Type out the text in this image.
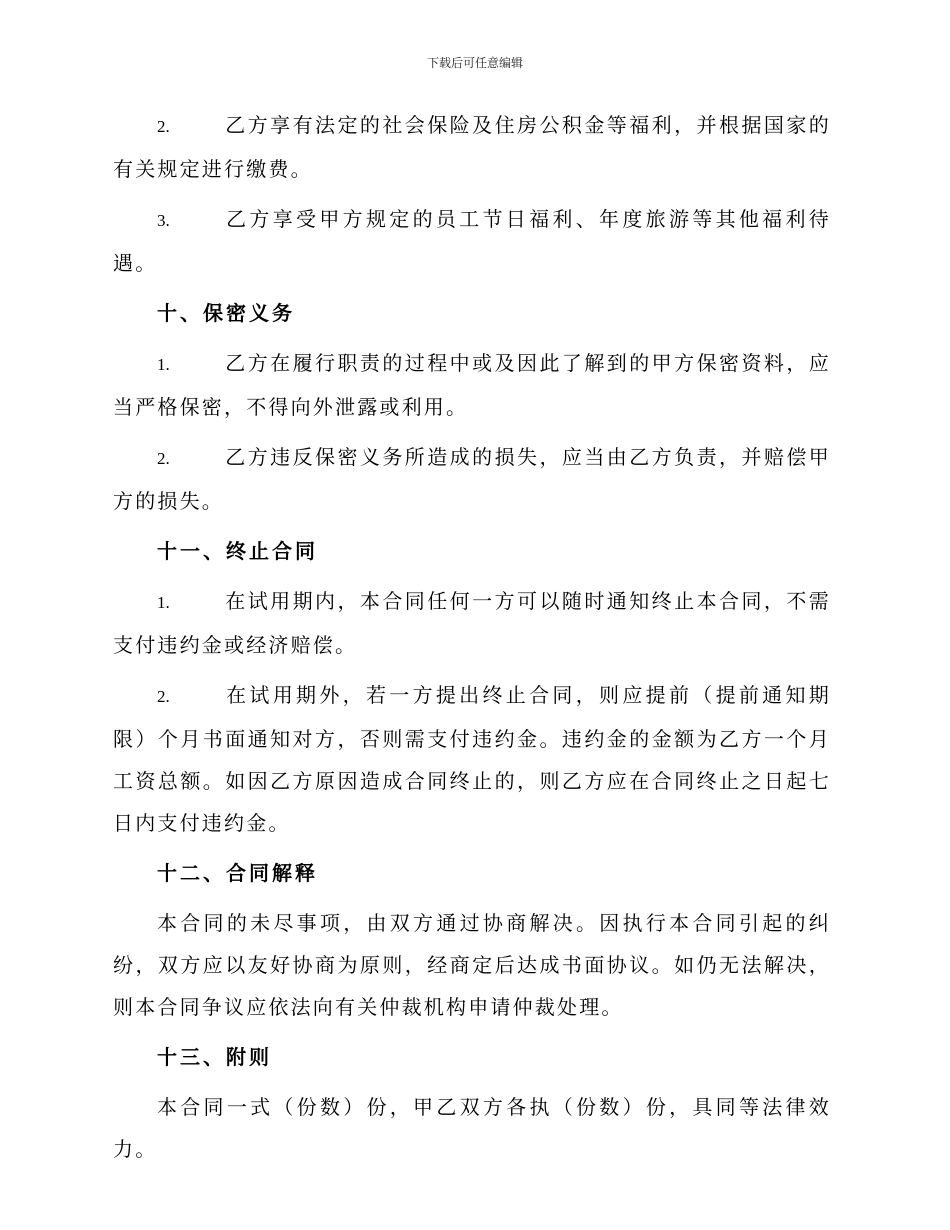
下载后可任意编辑

2.	乙方享有法定的社会保险及住房公积金等福利，并根据国家的有关规定进行缴费。

3.	乙方享受甲方规定的员工节日福利、年度旅游等其他福利待遇。

十、保密义务

1.	乙方在履行职责的过程中或及因此了解到的甲方保密资料，应当严格保密，不得向外泄露或利用。

2.	乙方违反保密义务所造成的损失，应当由乙方负责，并赔偿甲方的损失。

十一、终止合同

1.	在试用期内，本合同任何一方可以随时通知终止本合同，不需支付违约金或经济赔偿。

2.	在试用期外，若一方提出终止合同，则应提前（提前通知期限）个月书面通知对方，否则需支付违约金。违约金的金额为乙方一个月工资总额。如因乙方原因造成合同终止的，则乙方应在合同终止之日起七日内支付违约金。

十二、合同解释

本合同的未尽事项，由双方通过协商解决。因执行本合同引起的纠纷，双方应以友好协商为原则，经商定后达成书面协议。如仍无法解决，则本合同争议应依法向有关仲裁机构申请仲裁处理。

十三、附则

本合同一式（份数）份，甲乙双方各执（份数）份，具同等法律效力。
